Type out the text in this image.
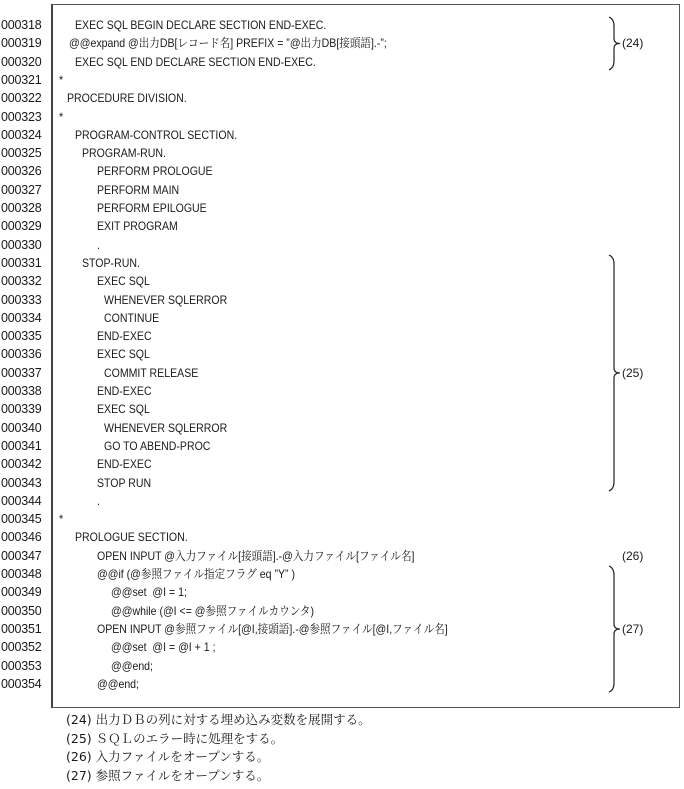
000318	EXEC SQL BEGIN DECLARE SECTION END-EXEC.
000319	@@expand @出力DB[レコード名] PREFIX = ”@出力DB[接頭語].-”;
000320	EXEC SQL END DECLARE SECTION END-EXEC.
000321	*
000322	PROCEDURE DIVISION.
000323	*
000324	PROGRAM-CONTROL SECTION.
000325	PROGRAM-RUN.
000326	PERFORM PROLOGUE
000327	PERFORM MAIN
000328	PERFORM EPILOGUE
000329	EXIT PROGRAM
000330	.
000331	STOP-RUN.
000332	EXEC SQL
000333	WHENEVER SQLERROR
000334	CONTINUE
000335	END-EXEC
000336	EXEC SQL
000337	COMMIT RELEASE
000338	END-EXEC
000339	EXEC SQL
000340	WHENEVER SQLERROR
000341	GO TO ABEND-PROC
000342	END-EXEC
000343	STOP RUN
000344	.
000345	*
000346	PROLOGUE SECTION.
000347	OPEN INPUT @入力ファイル[接頭語].-@入力ファイル[ファイル名]
000348	@@if (@参照ファイル指定フラグ eq ”Y” )
000349	@@set  @I = 1;
000350	@@while (@I <= @参照ファイルカウンタ)
000351	OPEN INPUT @参照ファイル[@I,接頭語].-@参照ファイル[@I,ファイル名]
000352	@@set  @I = @I + 1 ;
000353	@@end;
000354	@@end;
(24)
(25)
(26)
(27)
(24) 出力ＤＢの列に対する埋め込み変数を展開する。
(25) ＳＱＬのエラー時に処理をする。
(26) 入力ファイルをオープンする。
(27) 参照ファイルをオープンする。
